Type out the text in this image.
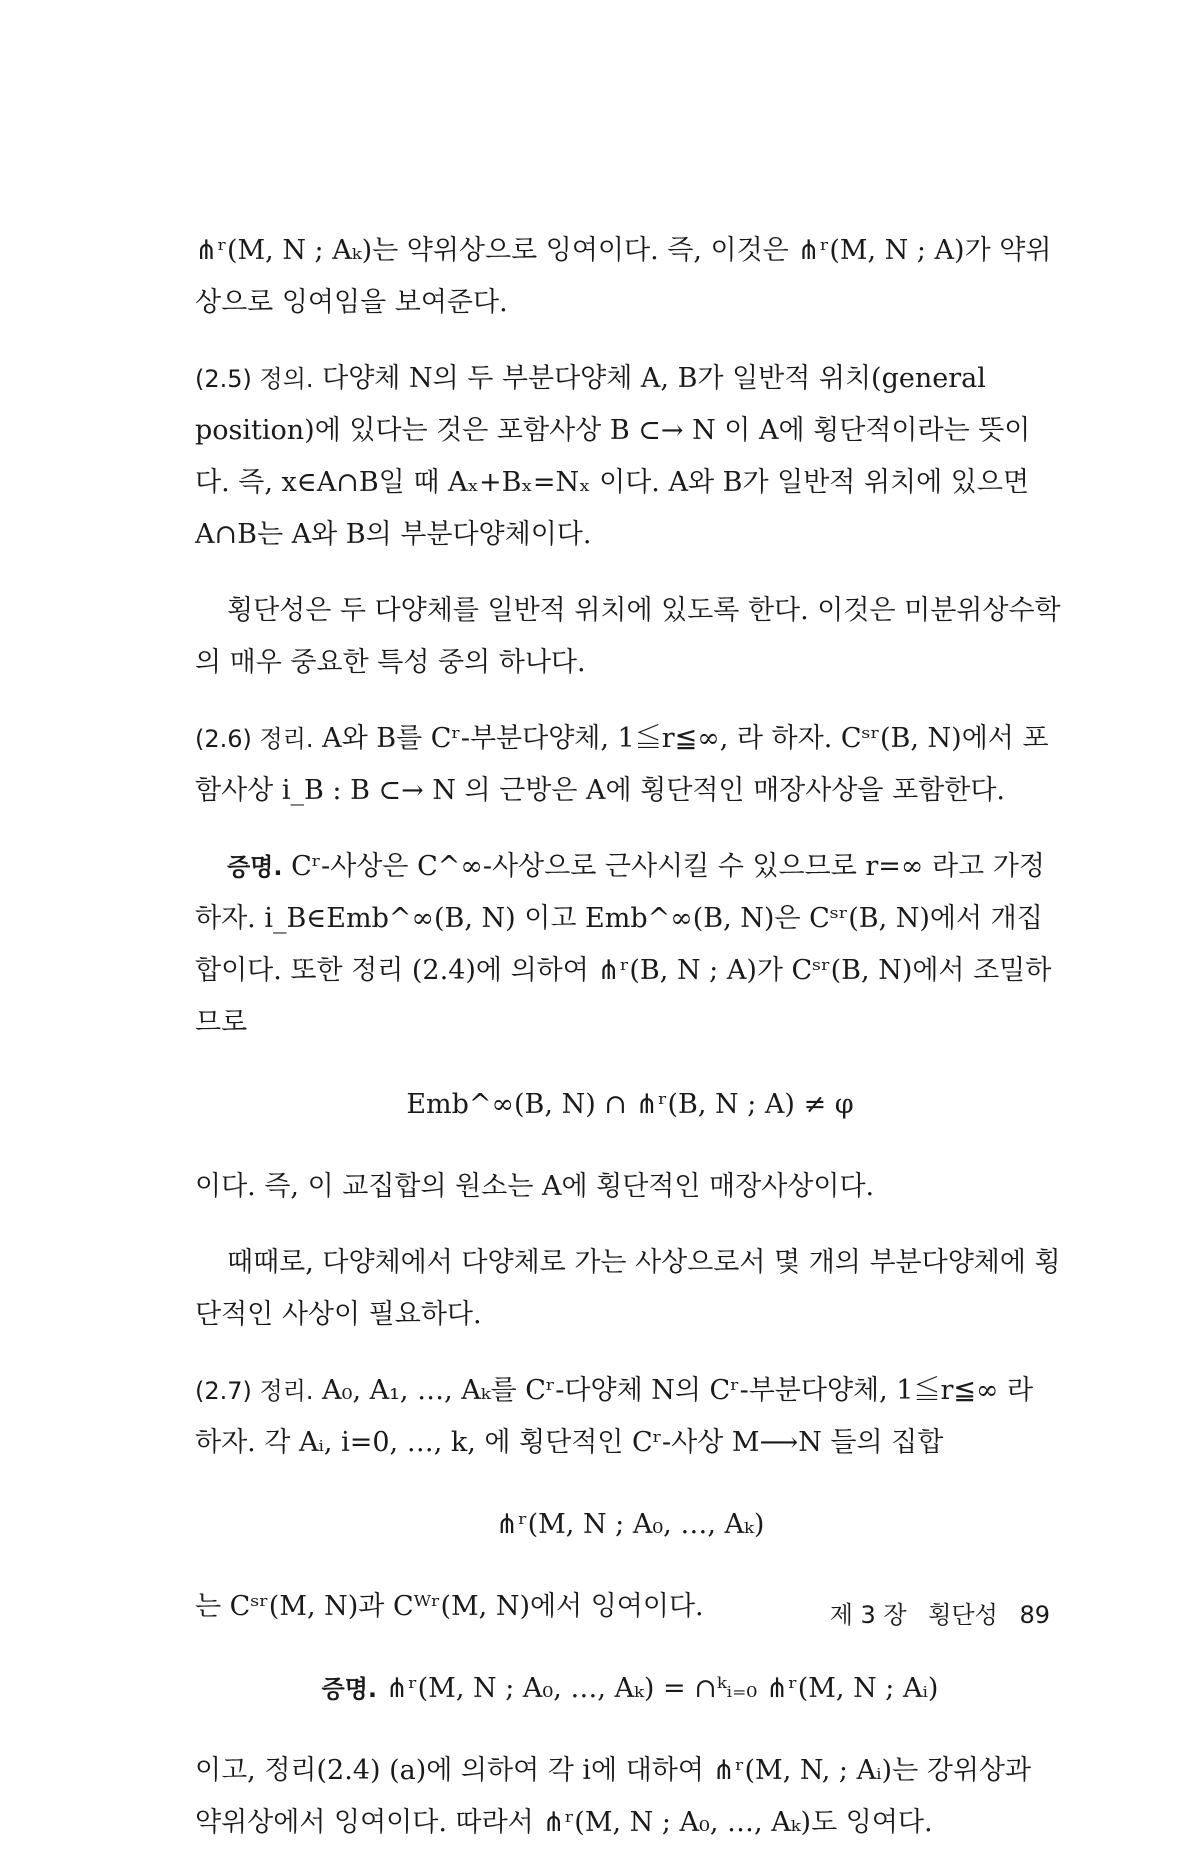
⋔ʳ(M, N ; Aₖ)는 약위상으로 잉여이다. 즉, 이것은 ⋔ʳ(M, N ; A)가 약위상으로 잉여임을 보여준다.

(2.5) 정의. 다양체 N의 두 부분다양체 A, B가 일반적 위치(general position)에 있다는 것은 포함사상 B ⊂→ N 이 A에 횡단적이라는 뜻이다. 즉, x∈A∩B일 때 Aₓ+Bₓ=Nₓ 이다. A와 B가 일반적 위치에 있으면 A∩B는 A와 B의 부분다양체이다.

횡단성은 두 다양체를 일반적 위치에 있도록 한다. 이것은 미분위상수학의 매우 중요한 특성 중의 하나다.

(2.6) 정리. A와 B를 Cʳ-부분다양체, 1≦r≦∞, 라 하자. Cˢʳ(B, N)에서 포함사상 i_B : B ⊂→ N 의 근방은 A에 횡단적인 매장사상을 포함한다.

증명. Cʳ-사상은 C^∞-사상으로 근사시킬 수 있으므로 r=∞ 라고 가정하자. i_B∈Emb^∞(B, N) 이고 Emb^∞(B, N)은 Cˢʳ(B, N)에서 개집합이다. 또한 정리 (2.4)에 의하여 ⋔ʳ(B, N ; A)가 Cˢʳ(B, N)에서 조밀하므로

Emb^∞(B, N) ∩ ⋔ʳ(B, N ; A) ≠ φ

이다. 즉, 이 교집합의 원소는 A에 횡단적인 매장사상이다.

때때로, 다양체에서 다양체로 가는 사상으로서 몇 개의 부분다양체에 횡단적인 사상이 필요하다.

(2.7) 정리. A₀, A₁, …, Aₖ를 Cʳ-다양체 N의 Cʳ-부분다양체, 1≦r≦∞ 라 하자. 각 Aᵢ, i=0, …, k, 에 횡단적인 Cʳ-사상 M⟶N 들의 집합

⋔ʳ(M, N ; A₀, …, Aₖ)

는 Cˢʳ(M, N)과 Cᵂʳ(M, N)에서 잉여이다.

증명. ⋔ʳ(M, N ; A₀, …, Aₖ) = ∩ᵏᵢ₌₀ ⋔ʳ(M, N ; Aᵢ)

이고, 정리(2.4) (a)에 의하여 각 i에 대하여 ⋔ʳ(M, N, ; Aᵢ)는 강위상과 약위상에서 잉여이다. 따라서 ⋔ʳ(M, N ; A₀, …, Aₖ)도 잉여다.

제 3 장 횡단성 89
